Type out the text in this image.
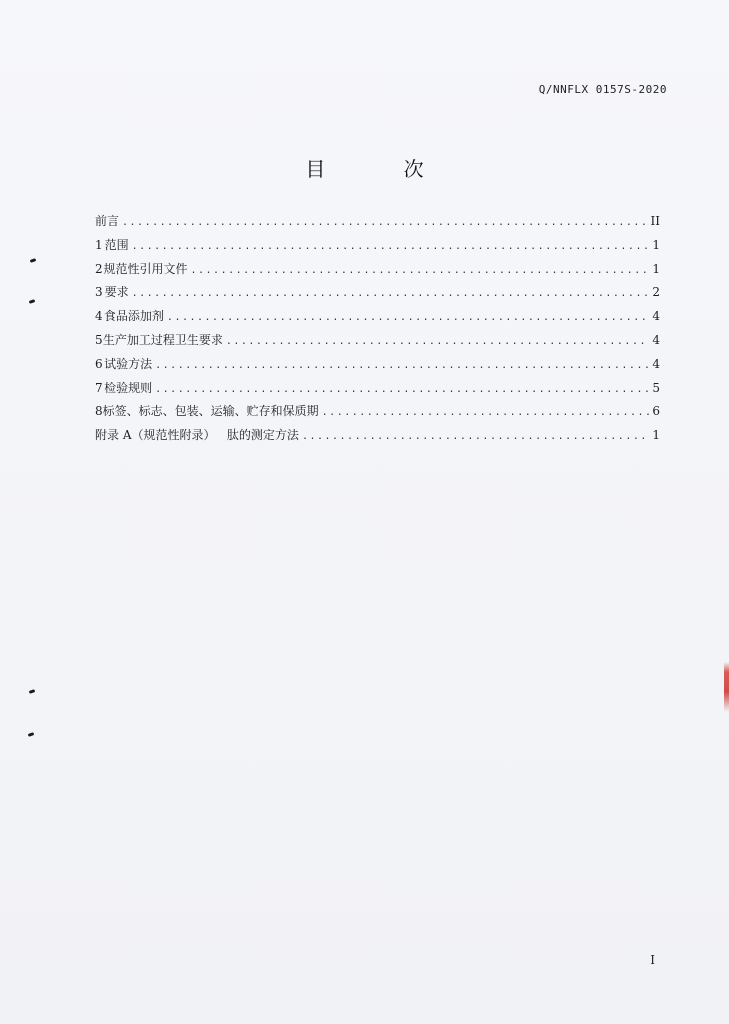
Q/NNFLX 0157S-2020
目 次
前言 .....	II
1 范围 .....	1
2 规范性引用文件 .....	1
3 要求 .....	2
4 食品添加剂 .....	4
5 生产加工过程卫生要求 .....	4
6 试验方法 .....	4
7 检验规则 .....	5
8 标签、标志、包装、运输、贮存和保质期 .....	6
附录 A（规范性附录）   肽的测定方法 .....	1
I
